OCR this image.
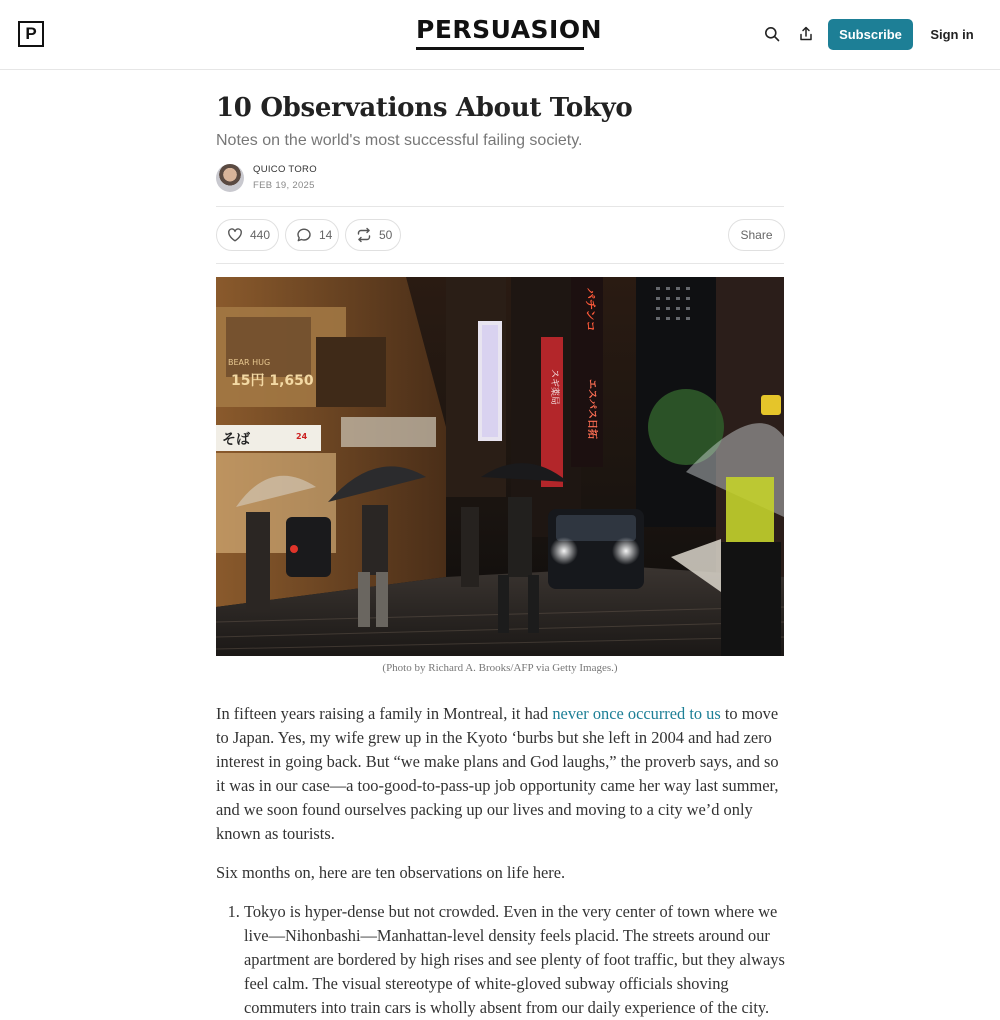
P	PERSUASION	Subscribe	Sign in
10 Observations About Tokyo
Notes on the world's most successful failing society.
QUICO TORO
FEB 19, 2025
440	14	50	Share
15円 1,650
BEAR HUG
そば	24
スギ薬局
パチンコ
エスパス日拓
(Photo by Richard A. Brooks/AFP via Getty Images.)

In fifteen years raising a family in Montreal, it had never once occurred to us to move to Japan. Yes, my wife grew up in the Kyoto ‘burbs but she left in 2004 and had zero interest in going back. But “we make plans and God laughs,” the proverb says, and so it was in our case—a too-good-to-pass-up job opportunity came her way last summer, and we soon found ourselves packing up our lives and moving to a city we’d only known as tourists.

Six months on, here are ten observations on life here.

1. Tokyo is hyper-dense but not crowded. Even in the very center of town where we live—Nihonbashi—Manhattan-level density feels placid. The streets around our apartment are bordered by high rises and see plenty of foot traffic, but they always feel calm. The visual stereotype of white-gloved subway officials shoving commuters into train cars is wholly absent from our daily experience of the city.
